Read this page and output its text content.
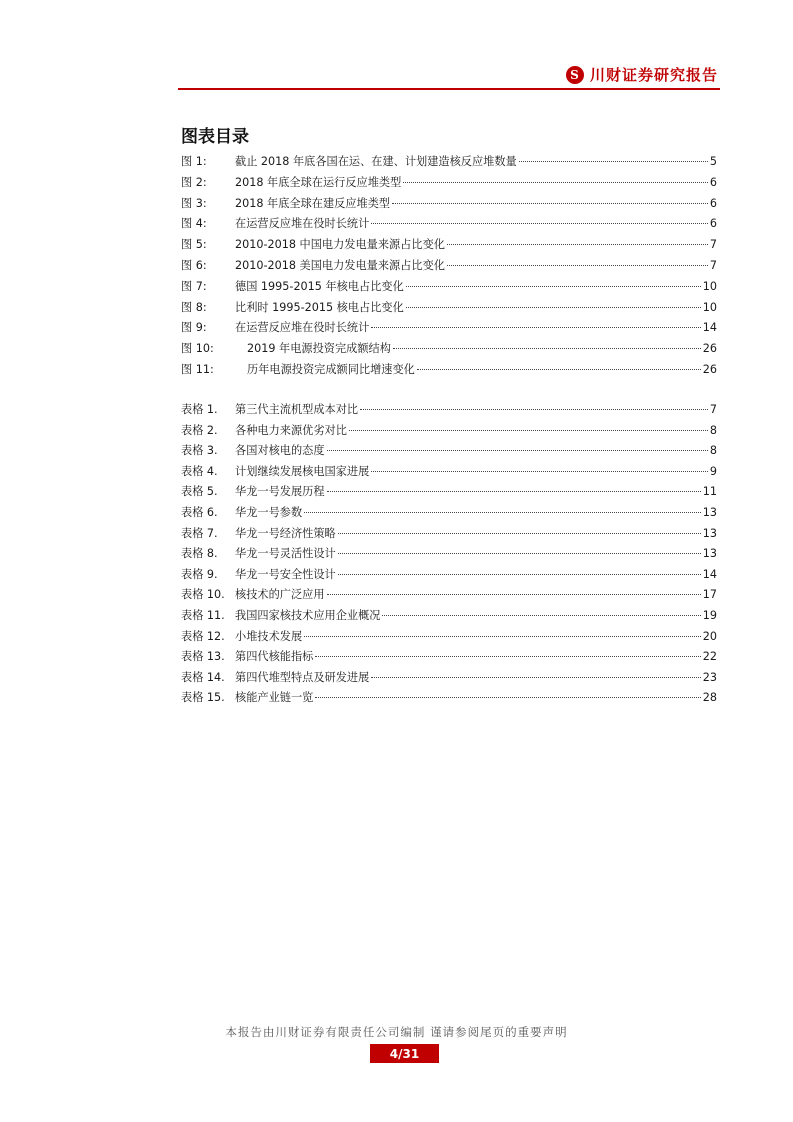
S 川财证券研究报告
图表目录
图 1:	截止 2018 年底各国在运、在建、计划建造核反应堆数量	5
图 2:	2018 年底全球在运行反应堆类型	6
图 3:	2018 年底全球在建反应堆类型	6
图 4:	在运营反应堆在役时长统计	6
图 5:	2010-2018 中国电力发电量来源占比变化	7
图 6:	2010-2018 美国电力发电量来源占比变化	7
图 7:	德国 1995-2015 年核电占比变化	10
图 8:	比利时 1995-2015 核电占比变化	10
图 9:	在运营反应堆在役时长统计	14
图 10:	2019 年电源投资完成额结构	26
图 11:	历年电源投资完成额同比增速变化	26
表格 1.	第三代主流机型成本对比	7
表格 2.	各种电力来源优劣对比	8
表格 3.	各国对核电的态度	8
表格 4.	计划继续发展核电国家进展	9
表格 5.	华龙一号发展历程	11
表格 6.	华龙一号参数	13
表格 7.	华龙一号经济性策略	13
表格 8.	华龙一号灵活性设计	13
表格 9.	华龙一号安全性设计	14
表格 10. 核技术的广泛应用	17
表格 11. 我国四家核技术应用企业概况	19
表格 12. 小堆技术发展	20
表格 13. 第四代核能指标	22
表格 14. 第四代堆型特点及研发进展	23
表格 15. 核能产业链一览	28
本报告由川财证券有限责任公司编制 谨请参阅尾页的重要声明
4/31
